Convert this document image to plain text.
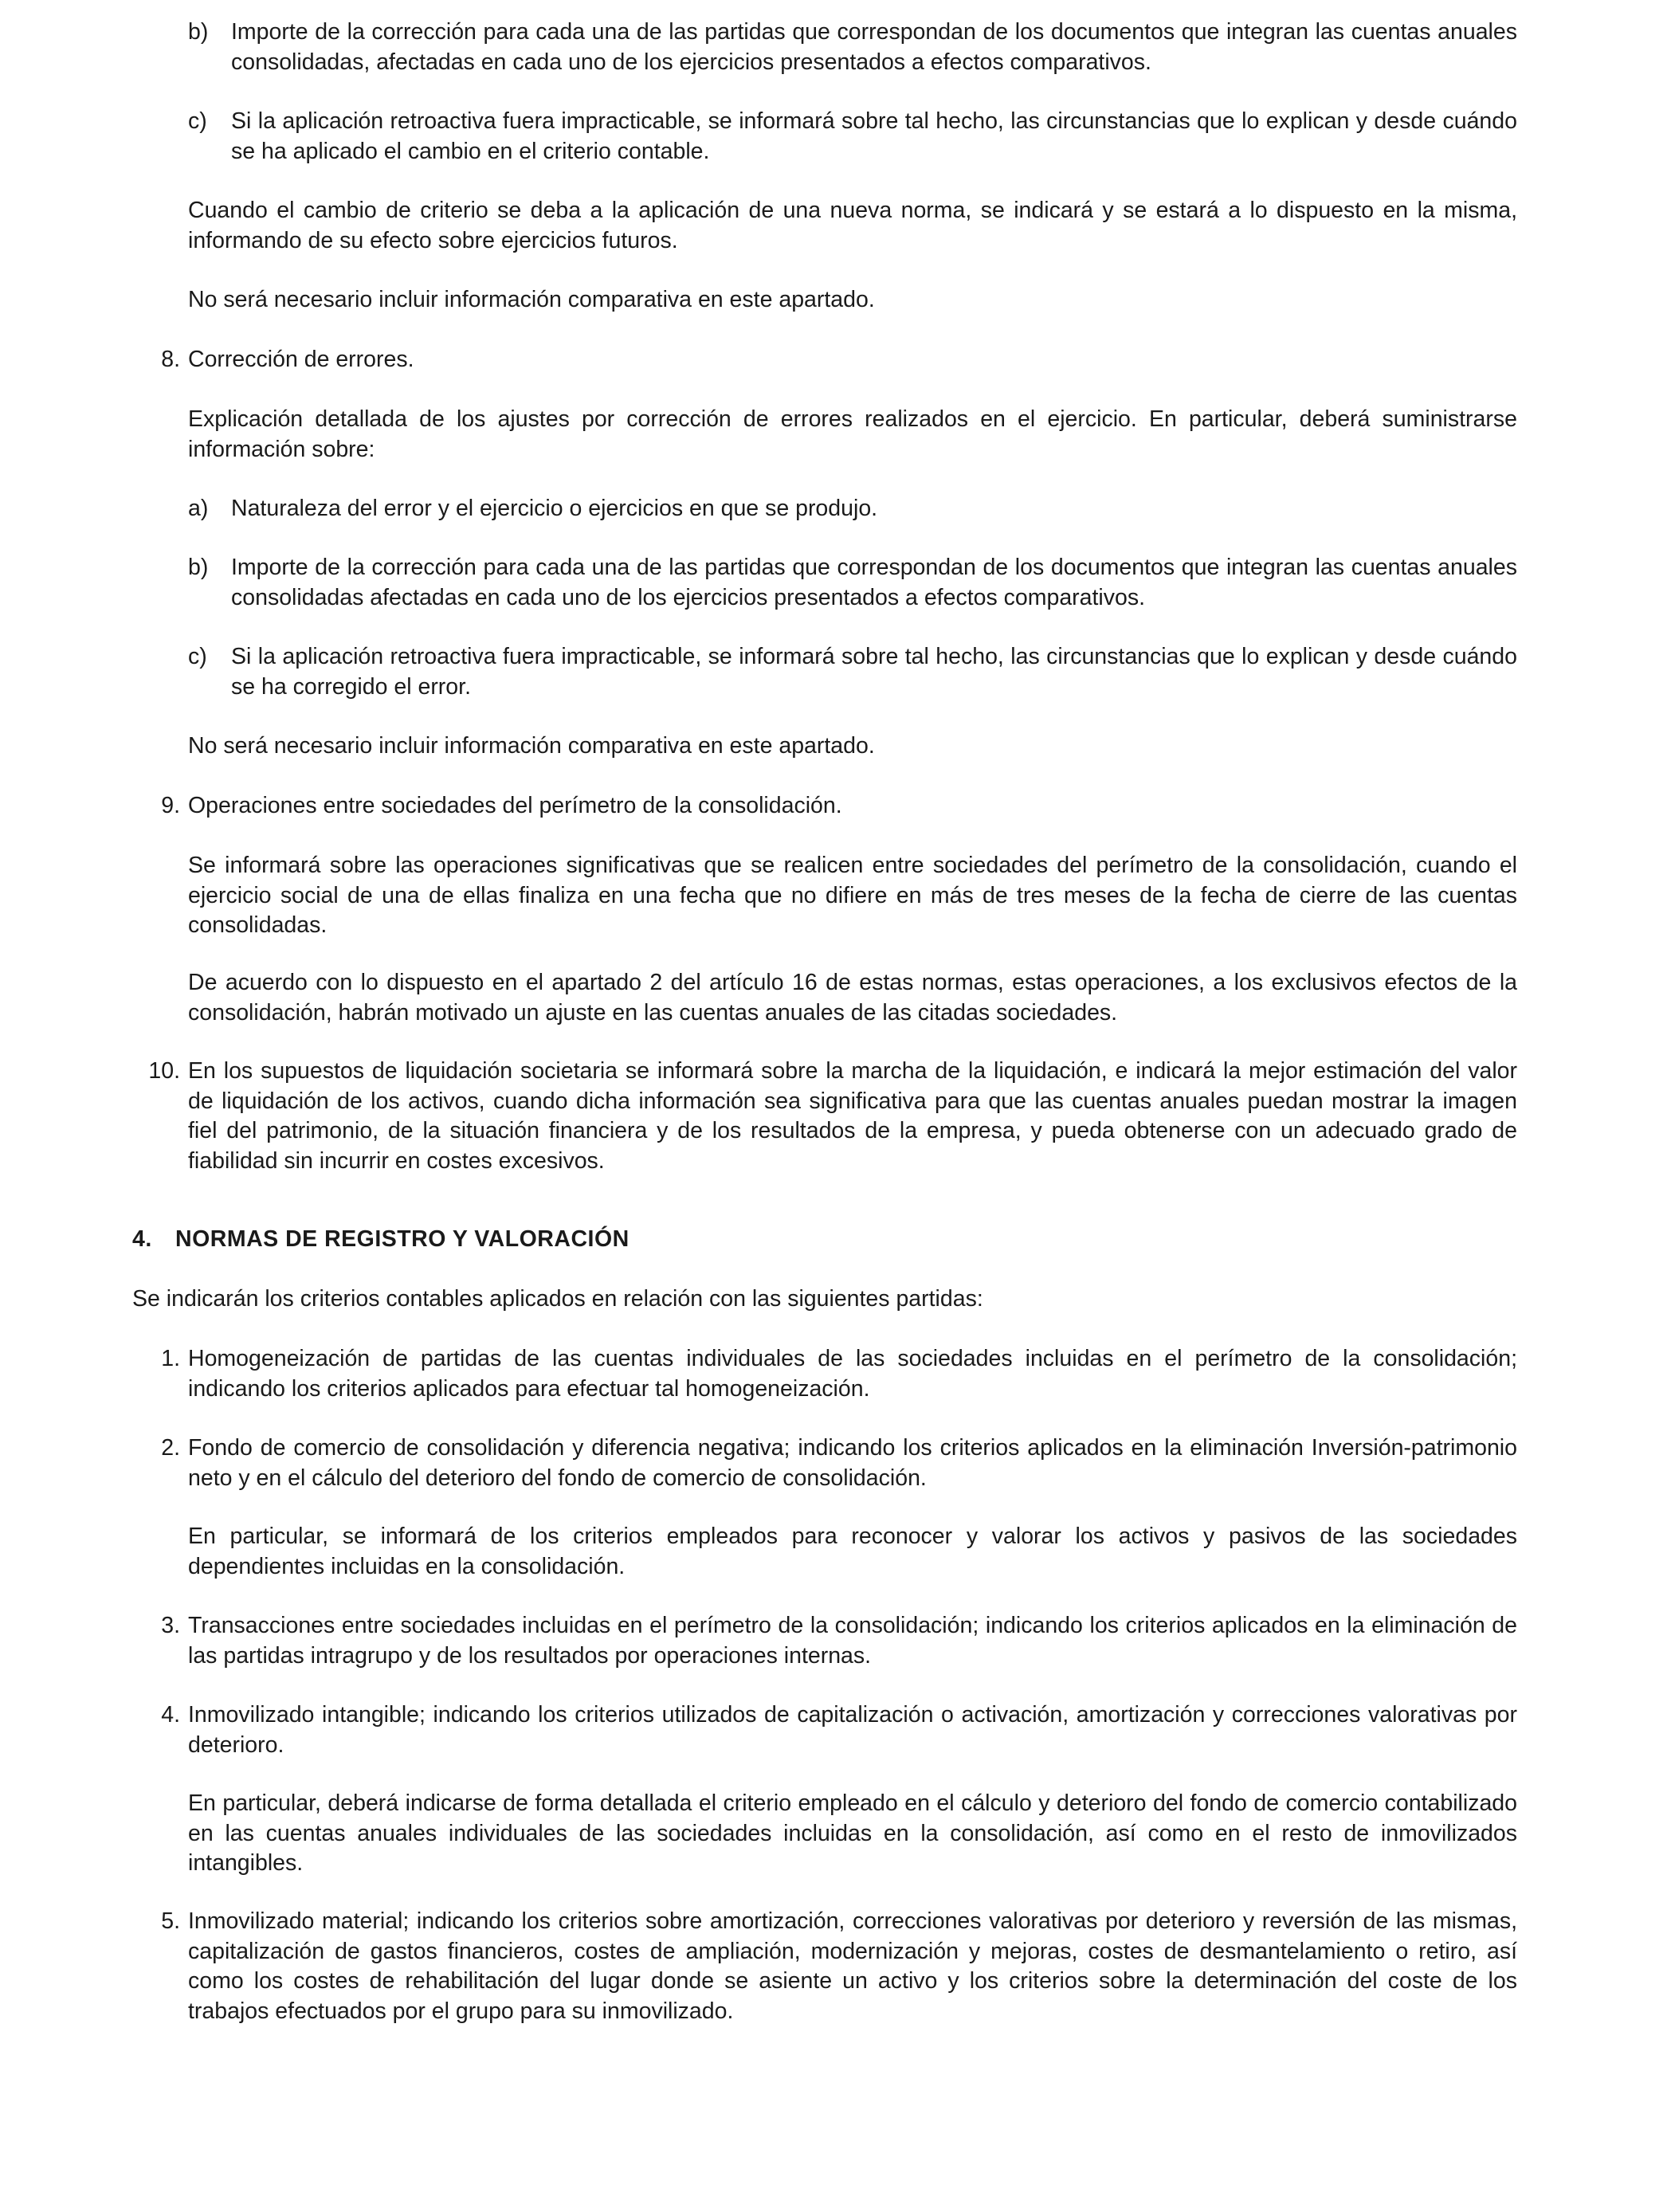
b) Importe de la corrección para cada una de las partidas que correspondan de los documentos que integran las cuentas anuales consolidadas, afectadas en cada uno de los ejercicios presentados a efectos comparativos.
c) Si la aplicación retroactiva fuera impracticable, se informará sobre tal hecho, las circunstancias que lo explican y desde cuándo se ha aplicado el cambio en el criterio contable.

Cuando el cambio de criterio se deba a la aplicación de una nueva norma, se indicará y se estará a lo dispuesto en la misma, informando de su efecto sobre ejercicios futuros.

No será necesario incluir información comparativa en este apartado.

8. Corrección de errores.

Explicación detallada de los ajustes por corrección de errores realizados en el ejercicio. En particular, deberá suministrarse información sobre:

a) Naturaleza del error y el ejercicio o ejercicios en que se produjo.
b) Importe de la corrección para cada una de las partidas que correspondan de los documentos que integran las cuentas anuales consolidadas afectadas en cada uno de los ejercicios presentados a efectos comparativos.
c) Si la aplicación retroactiva fuera impracticable, se informará sobre tal hecho, las circunstancias que lo explican y desde cuándo se ha corregido el error.

No será necesario incluir información comparativa en este apartado.

9. Operaciones entre sociedades del perímetro de la consolidación.

Se informará sobre las operaciones significativas que se realicen entre sociedades del perímetro de la consolidación, cuando el ejercicio social de una de ellas finaliza en una fecha que no difiere en más de tres meses de la fecha de cierre de las cuentas consolidadas.

De acuerdo con lo dispuesto en el apartado 2 del artículo 16 de estas normas, estas operaciones, a los exclusivos efectos de la consolidación, habrán motivado un ajuste en las cuentas anuales de las citadas sociedades.

10. En los supuestos de liquidación societaria se informará sobre la marcha de la liquidación, e indicará la mejor estimación del valor de liquidación de los activos, cuando dicha información sea significativa para que las cuentas anuales puedan mostrar la imagen fiel del patrimonio, de la situación financiera y de los resultados de la empresa, y pueda obtenerse con un adecuado grado de fiabilidad sin incurrir en costes excesivos.
4. NORMAS DE REGISTRO Y VALORACIÓN

Se indicarán los criterios contables aplicados en relación con las siguientes partidas:

1. Homogeneización de partidas de las cuentas individuales de las sociedades incluidas en el perímetro de la consolidación; indicando los criterios aplicados para efectuar tal homogeneización.
2. Fondo de comercio de consolidación y diferencia negativa; indicando los criterios aplicados en la eliminación Inversión-patrimonio neto y en el cálculo del deterioro del fondo de comercio de consolidación.

En particular, se informará de los criterios empleados para reconocer y valorar los activos y pasivos de las sociedades dependientes incluidas en la consolidación.

3. Transacciones entre sociedades incluidas en el perímetro de la consolidación; indicando los criterios aplicados en la eliminación de las partidas intragrupo y de los resultados por operaciones internas.
4. Inmovilizado intangible; indicando los criterios utilizados de capitalización o activación, amortización y correcciones valorativas por deterioro.

En particular, deberá indicarse de forma detallada el criterio empleado en el cálculo y deterioro del fondo de comercio contabilizado en las cuentas anuales individuales de las sociedades incluidas en la consolidación, así como en el resto de inmovilizados intangibles.

5. Inmovilizado material; indicando los criterios sobre amortización, correcciones valorativas por deterioro y reversión de las mismas, capitalización de gastos financieros, costes de ampliación, modernización y mejoras, costes de desmantelamiento o retiro, así como los costes de rehabilitación del lugar donde se asiente un activo y los criterios sobre la determinación del coste de los trabajos efectuados por el grupo para su inmovilizado.
